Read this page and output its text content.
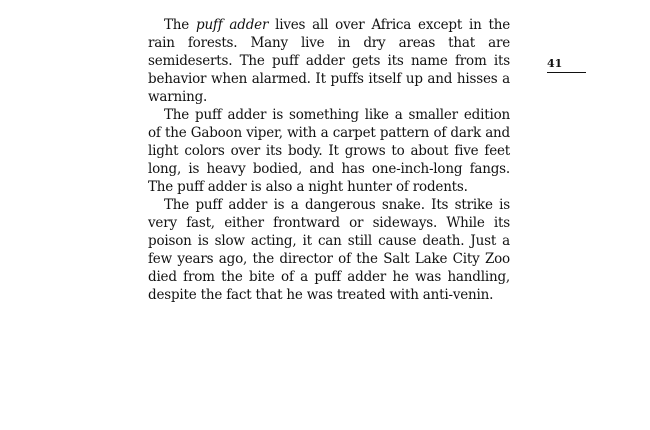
The puff adder lives all over Africa except in the rain forests. Many live in dry areas that are semideserts. The puff adder gets its name from its behavior when alarmed. It puffs itself up and hisses a warning.

The puff adder is something like a smaller edition of the Gaboon viper, with a carpet pattern of dark and light colors over its body. It grows to about five feet long, is heavy bodied, and has one-inch-long fangs. The puff adder is also a night hunter of rodents.

The puff adder is a dangerous snake. Its strike is very fast, either frontward or sideways. While its poison is slow acting, it can still cause death. Just a few years ago, the director of the Salt Lake City Zoo died from the bite of a puff adder he was handling, despite the fact that he was treated with anti-venin.

41
